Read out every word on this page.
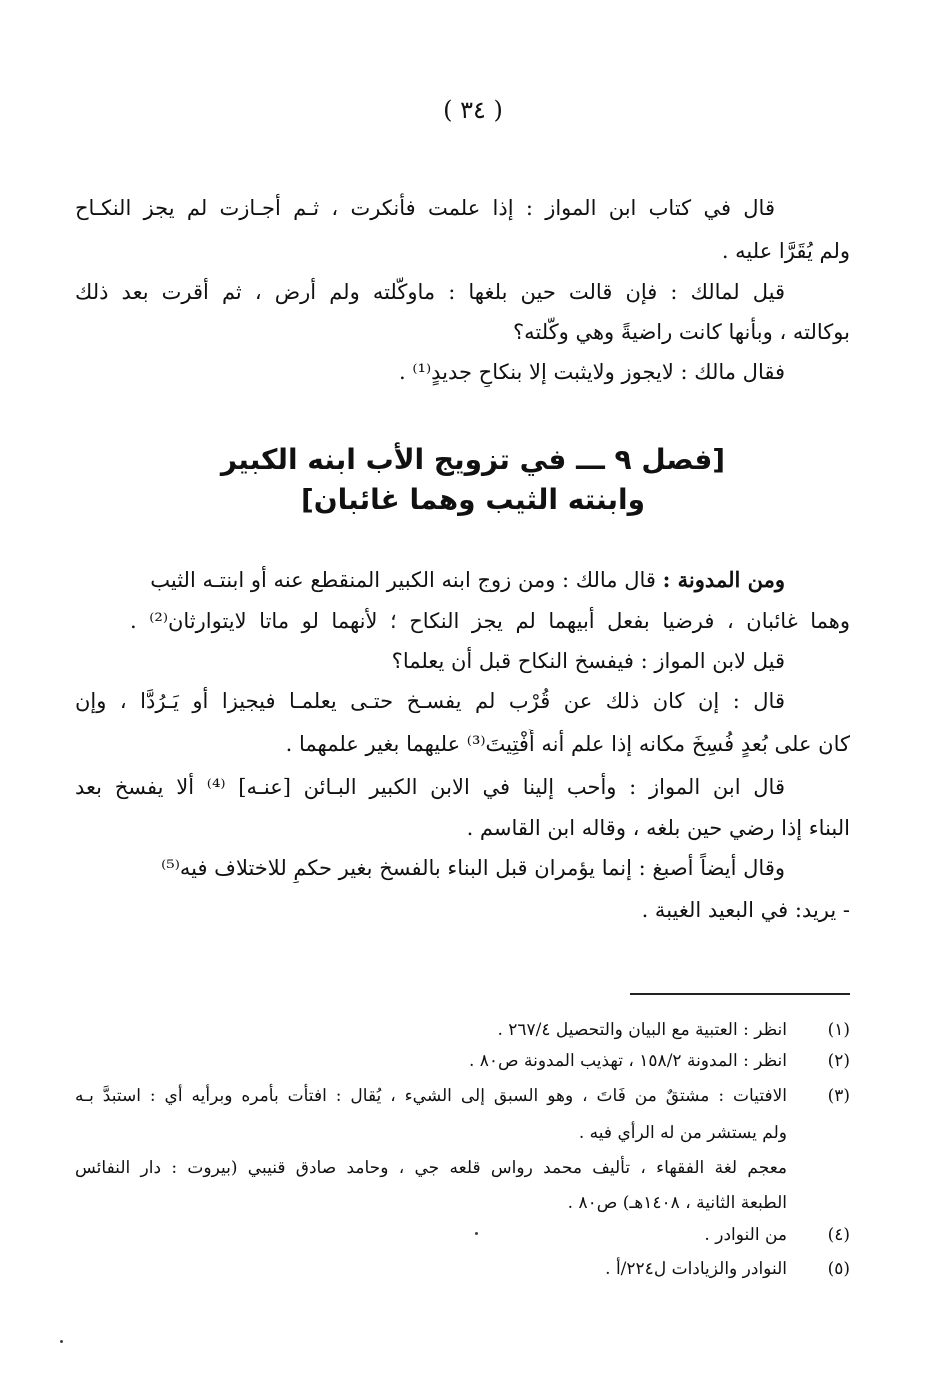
( ٣٤ )
قال في كتاب ابن المواز : إذا علمت فأنكرت ، ثـم أجـازت لم يجز النكـاح
ولم يُقَرَّا عليه .
قيل لمالك : فإن قالت حين بلغها : ماوكّلته ولم أرض ، ثم أقرت بعد ذلك
بوكالته ، وبأنها كانت راضيةً وهي وكّلته؟
فقال مالك : لايجوز ولايثبت إلا بنكاحٍ جديدٍ⁽¹⁾ .
[فصل ٩ ـــ في تزويج الأب ابنه الكبير
وابنته الثيب وهما غائبان]
ومن المدونة : قال مالك : ومن زوج ابنه الكبير المنقطع عنه أو ابنتـه الثيب
وهما غائبان ، فرضيا بفعل أبيهما لم يجز النكاح ؛ لأنهما لو ماتا لايتوارثان⁽²⁾ .
قيل لابن المواز : فيفسخ النكاح قبل أن يعلما؟
قال : إن كان ذلك عن قُرْب لم يفسـخ حتـى يعلمـا فيجيزا أو يَـرُدَّا ، وإن
كان على بُعدٍ فُسِخَ مكانه إذا علم أنه أُفْتِيتَ⁽³⁾ عليهما بغير علمهما .
قال ابن المواز : وأحب إلينا في الابن الكبير البـائن [عنـه] ⁽⁴⁾ ألا يفسخ بعد
البناء إذا رضي حين بلغه ، وقاله ابن القاسم .
وقال أيضاً أصبغ : إنما يؤمران قبل البناء بالفسخ بغير حكمٍ للاختلاف فيه⁽⁵⁾
- يريد: في البعيد الغيبة .
(١)
انظر : العتبية مع البيان والتحصيل ٢٦٧/٤ .
(٢)
انظر : المدونة ١٥٨/٢ ، تهذيب المدونة ص٨٠ .
(٣)
الافتيات : مشتقٌ من فَاتَ ، وهو السبق إلى الشيء ، يُقال : افتأت بأمره وبرأيه أي : استبدَّ بـه
ولم يستشر من له الرأي فيه .
معجم لغة الفقهاء ، تأليف محمد رواس قلعه جي ، وحامد صادق قنيبي (بيروت : دار النفائس
الطبعة الثانية ، ١٤٠٨هـ) ص٨٠ .
(٤)
من النوادر .
(٥)
النوادر والزيادات ل٢٢٤/أ .
